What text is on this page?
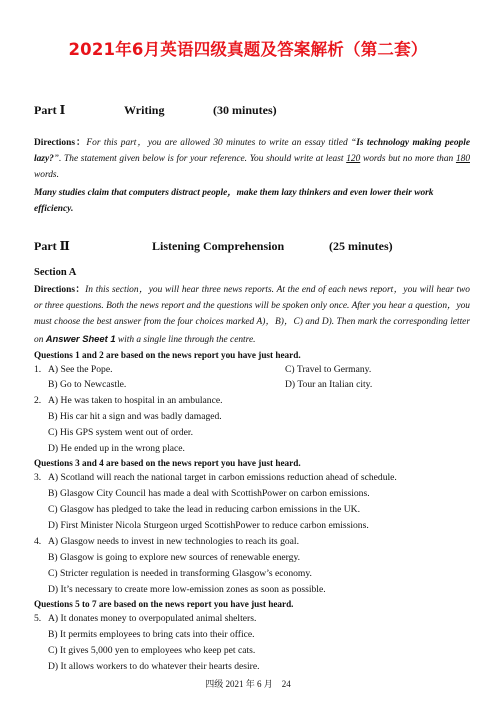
2021年6月英语四级真题及答案解析（第二套）
Part Ⅰ	Writing	(30 minutes)
Directions：For this part，you are allowed 30 minutes to write an essay titled “Is technology making people lazy?”. The statement given below is for your reference. You should write at least 120 words but no more than 180 words.
Many studies claim that computers distract people，make them lazy thinkers and even lower their work efficiency.
Part Ⅱ	Listening Comprehension	(25 minutes)
Section A
Directions：In this section，you will hear three news reports. At the end of each news report，you will hear two or three questions. Both the news report and the questions will be spoken only once. After you hear a question，you must choose the best answer from the four choices marked A)，B)，C) and D). Then mark the corresponding letter on Answer Sheet 1 with a single line through the centre.
Questions 1 and 2 are based on the news report you have just heard.
1. A) See the Pope.	C) Travel to Germany.
B) Go to Newcastle.	D) Tour an Italian city.
2. A) He was taken to hospital in an ambulance.
B) His car hit a sign and was badly damaged.
C) His GPS system went out of order.
D) He ended up in the wrong place.
Questions 3 and 4 are based on the news report you have just heard.
3. A) Scotland will reach the national target in carbon emissions reduction ahead of schedule.
B) Glasgow City Council has made a deal with ScottishPower on carbon emissions.
C) Glasgow has pledged to take the lead in reducing carbon emissions in the UK.
D) First Minister Nicola Sturgeon urged ScottishPower to reduce carbon emissions.
4. A) Glasgow needs to invest in new technologies to reach its goal.
B) Glasgow is going to explore new sources of renewable energy.
C) Stricter regulation is needed in transforming Glasgow’s economy.
D) It’s necessary to create more low-emission zones as soon as possible.
Questions 5 to 7 are based on the news report you have just heard.
5. A) It donates money to overpopulated animal shelters.
B) It permits employees to bring cats into their office.
C) It gives 5,000 yen to employees who keep pet cats.
D) It allows workers to do whatever their hearts desire.
四级 2021 年 6 月　24
